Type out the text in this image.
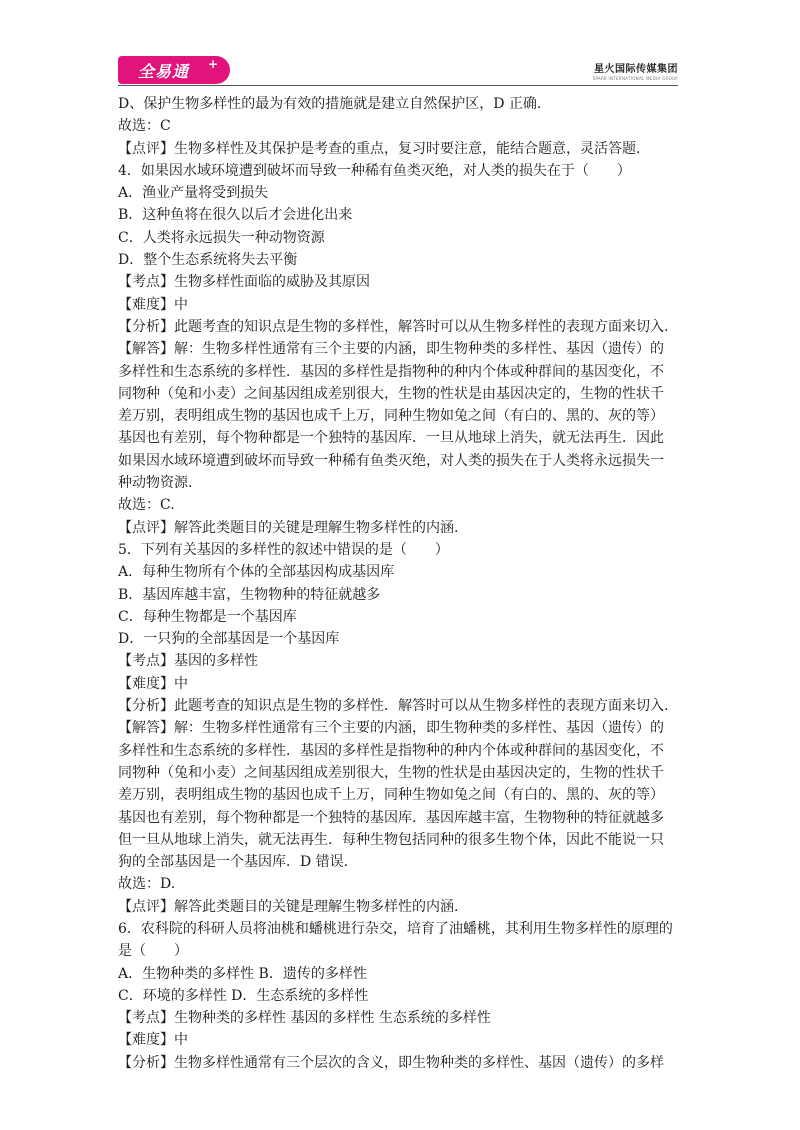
全易通 +	星火国际传媒集团
SPARK INTERNATIONAL MEDIA GROUP
D、保护生物多样性的最为有效的措施就是建立自然保护区，D 正确.
故选：C
【点评】生物多样性及其保护是考查的重点，复习时要注意，能结合题意，灵活答题.
4．如果因水域环境遭到破坏而导致一种稀有鱼类灭绝，对人类的损失在于（　　）
A．渔业产量将受到损失
B．这种鱼将在很久以后才会进化出来
C．人类将永远损失一种动物资源
D．整个生态系统将失去平衡
【考点】生物多样性面临的威胁及其原因
【难度】中
【分析】此题考查的知识点是生物的多样性，解答时可以从生物多样性的表现方面来切入.
【解答】解：生物多样性通常有三个主要的内涵，即生物种类的多样性、基因（遗传）的
多样性和生态系统的多样性．基因的多样性是指物种的种内个体或种群间的基因变化，不
同物种（兔和小麦）之间基因组成差别很大，生物的性状是由基因决定的，生物的性状千
差万别，表明组成生物的基因也成千上万，同种生物如兔之间（有白的、黑的、灰的等）
基因也有差别，每个物种都是一个独特的基因库．一旦从地球上消失，就无法再生．因此
如果因水域环境遭到破坏而导致一种稀有鱼类灭绝，对人类的损失在于人类将永远损失一
种动物资源.
故选：C.
【点评】解答此类题目的关键是理解生物多样性的内涵.
5．下列有关基因的多样性的叙述中错误的是（　　）
A．每种生物所有个体的全部基因构成基因库
B．基因库越丰富，生物物种的特征就越多
C．每种生物都是一个基因库
D．一只狗的全部基因是一个基因库
【考点】基因的多样性
【难度】中
【分析】此题考查的知识点是生物的多样性．解答时可以从生物多样性的表现方面来切入.
【解答】解：生物多样性通常有三个主要的内涵，即生物种类的多样性、基因（遗传）的
多样性和生态系统的多样性．基因的多样性是指物种的种内个体或种群间的基因变化，不
同物种（兔和小麦）之间基因组成差别很大，生物的性状是由基因决定的，生物的性状千
差万别，表明组成生物的基因也成千上万，同种生物如兔之间（有白的、黑的、灰的等）
基因也有差别，每个物种都是一个独特的基因库．基因库越丰富，生物物种的特征就越多
但一旦从地球上消失，就无法再生．每种生物包括同种的很多生物个体，因此不能说一只
狗的全部基因是一个基因库．D 错误.
故选：D.
【点评】解答此类题目的关键是理解生物多样性的内涵.
6．农科院的科研人员将油桃和蟠桃进行杂交，培育了油蟠桃，其利用生物多样性的原理的
是（　　）
A．生物种类的多样性 B．遗传的多样性
C．环境的多样性 D．生态系统的多样性
【考点】生物种类的多样性 基因的多样性 生态系统的多样性
【难度】中
【分析】生物多样性通常有三个层次的含义，即生物种类的多样性、基因（遗传）的多样
